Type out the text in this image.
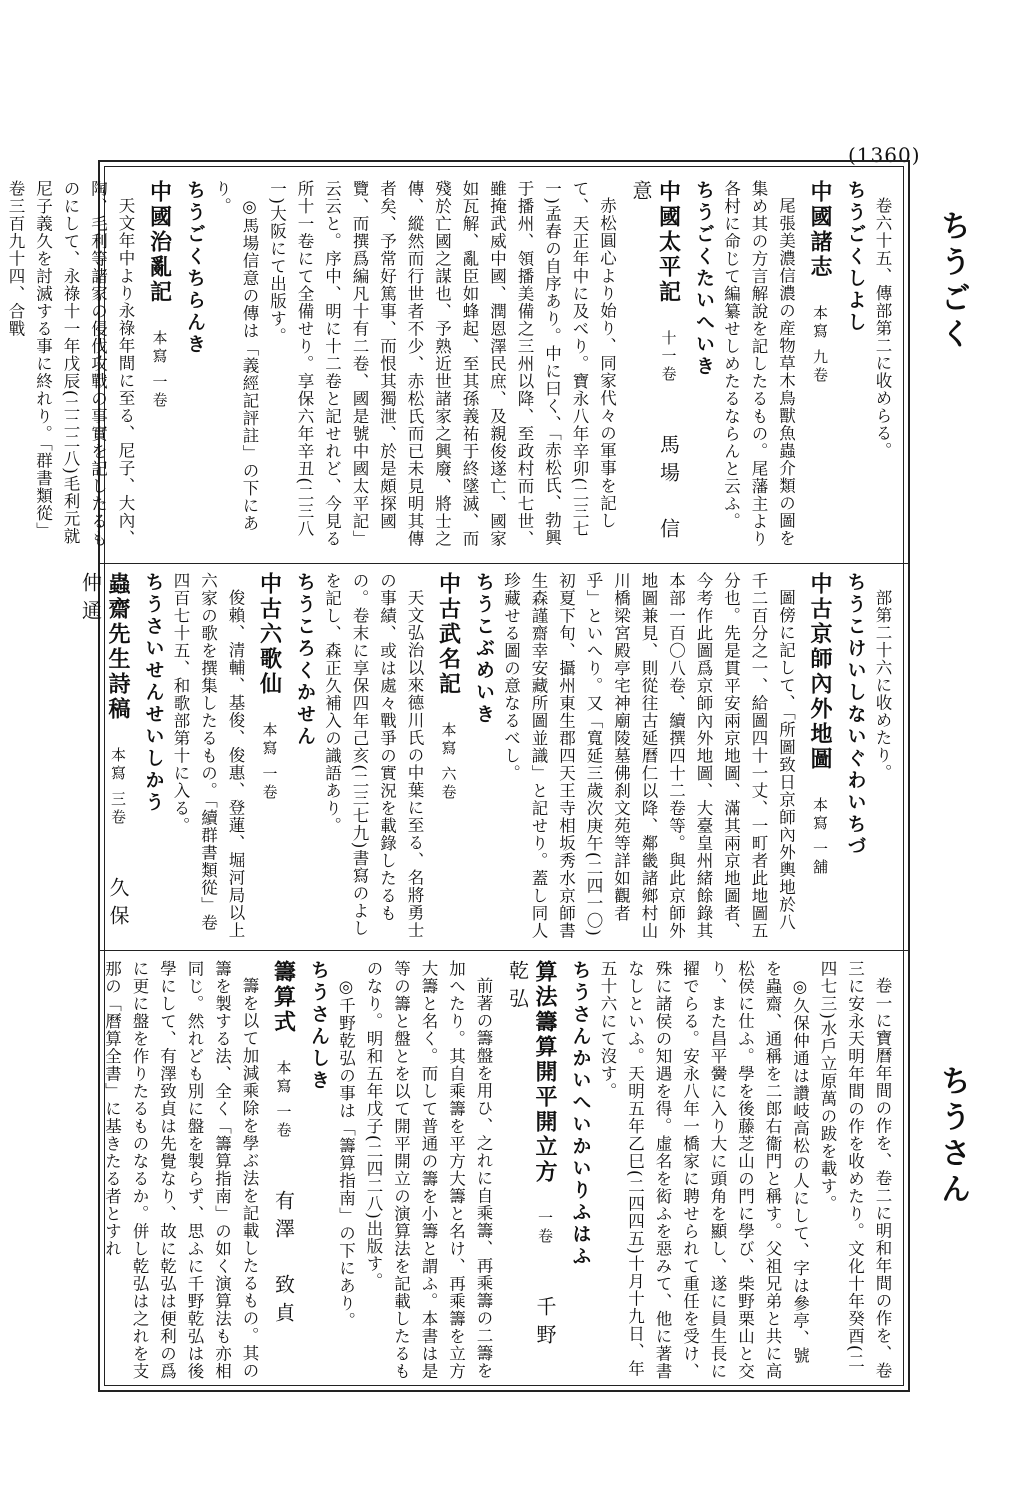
(1360)
ちうごく
ちうさん

卷六十五、傳部第二に收めらる。

ちうごくしよし

中國諸志　本寫 九卷

尾張美濃信濃の産物草木鳥獸魚蟲介類の圖を集め其の方言解說を記したるもの。尾藩主より各村に命じて編纂せしめたるならんと云ふ。

ちうごくたいへいき

中國太平記　十一卷　　馬場　信意

赤松圓心より始り、同家代々の軍事を記して、天正年中に及べり。寶永八年辛卯(二三七一)孟春の自序あり。中に曰く、「赤松氏、勃興于播州、領播美備之三州以降、至政村而七世、雖掩武威中國、潤恩澤民庶、及親俊遂亡、國家如瓦解、亂臣如蜂起、至其孫義祐于終墜滅、而殘於亡國之謀也、予熟近世諸家之興廢、將士之傳、縱然而行世者不少、赤松氏而已未見明其傳者矣、予常好篤事、而恨其獨泄、於是頗探國覽、而撰爲編凡十有二卷、國是號中國太平記」云云と。序中、明に十二卷と記せれど、今見る所十一卷にて全備せり。享保六年辛丑(二三八一)大阪にて出版す。

◎馬場信意の傳は「義經記評註」の下にあり。

ちうごくちらんき

中國治亂記　本寫 一卷

天文年中より永祿年間に至る、尼子、大內、陶、毛利等諸家の侵伐攻戰の事實を記したるものにして、永祿十一年戊辰(二二二八)毛利元就尼子義久を討滅する事に終れり。「群書類從」卷三百九十四、合戰

部第二十六に收めたり。

ちうこけいしないぐわいちづ

中古京師內外地圖　本寫 一舖

圖傍に記して、「所圖致日京師內外輿地於八千二百分之一、給圖四十一丈、一町者此地圖五分也。先是貫平安兩京地圖、滿其兩京地圖者、今考作此圖爲京師內外地圖、大臺皇州緒餘錄其本部一百〇八卷、續撰四十二卷等。與此京師外地圖兼見、則從往古延曆仁以降、鄰畿諸鄉村山川橋梁宮殿亭宅神廟陵墓佛刹文苑等詳如觀者乎」といへり。又「寬延三歲次庚午(二四一〇)初夏下旬、攝州東生郡四天王寺相坂秀水京師書生森謹齋幸安藏所圖並識」と記せり。蓋し同人珍藏せる圖の意なるべし。

ちうこぶめいき

中古武名記　本寫 六卷

天文弘治以來德川氏の中葉に至る、名將勇士の事績、或は處々戰爭の實況を載錄したるもの。卷末に享保四年己亥(二三七九)書寫のよしを記し、森正久補入の識語あり。

ちうころくかせん

中古六歌仙　本寫 一卷

俊賴、清輔、基俊、俊惠、登蓮、堀河局以上六家の歌を撰集したるもの。「續群書類從」卷四百七十五、和歌部第十に入る。

ちうさいせんせいしかう

蟲齋先生詩稿　本寫 三卷　　久保　仲通

卷一に寶曆年間の作を、卷二に明和年間の作を、卷三に安永天明年間の作を收めたり。文化十年癸酉(二四七三)水戶立原萬の跋を載す。

◎久保仲通は讚岐高松の人にして、字は參亭、號を蟲齋、通稱を二郎右衞門と稱す。父祖兄弟と共に高松侯に仕ふ。學を後藤芝山の門に學び、柴野栗山と交り、また昌平黌に入り大に頭角を顯し、遂に員生長に擢でらる。安永八年一橋家に聘せられて重任を受け、殊に諸侯の知遇を得。虛名を衒ふを惡みて、他に著書なしといふ。天明五年乙巳(二四四五)十月十九日、年五十六にて沒す。

ちうさんかいへいかいりふはふ

算法籌算開平開立方　一卷　　千野　乾弘

前著の籌盤を用ひ、之れに自乘籌、再乘籌の二籌を加へたり。其自乘籌を平方大籌と名け、再乘籌を立方大籌と名く。而して普通の籌を小籌と謂ふ。本書は是等の籌と盤とを以て開平開立の演算法を記載したるものなり。明和五年戊子(二四二八)出版す。

◎千野乾弘の事は「籌算指南」の下にあり。

ちうさんしき

籌算式　本寫 一卷　　有澤　致貞

籌を以て加減乘除を學ぶ法を記載したるもの。其の籌を製する法、全く「籌算指南」の如く演算法も亦相同じ。然れども別に盤を製らず、思ふに千野乾弘は後學にして、有澤致貞は先覺なり、故に乾弘は便利の爲に更に盤を作りたるものなるか。併し乾弘は之れを支那の「曆算全書」に基きたる者とすれ
